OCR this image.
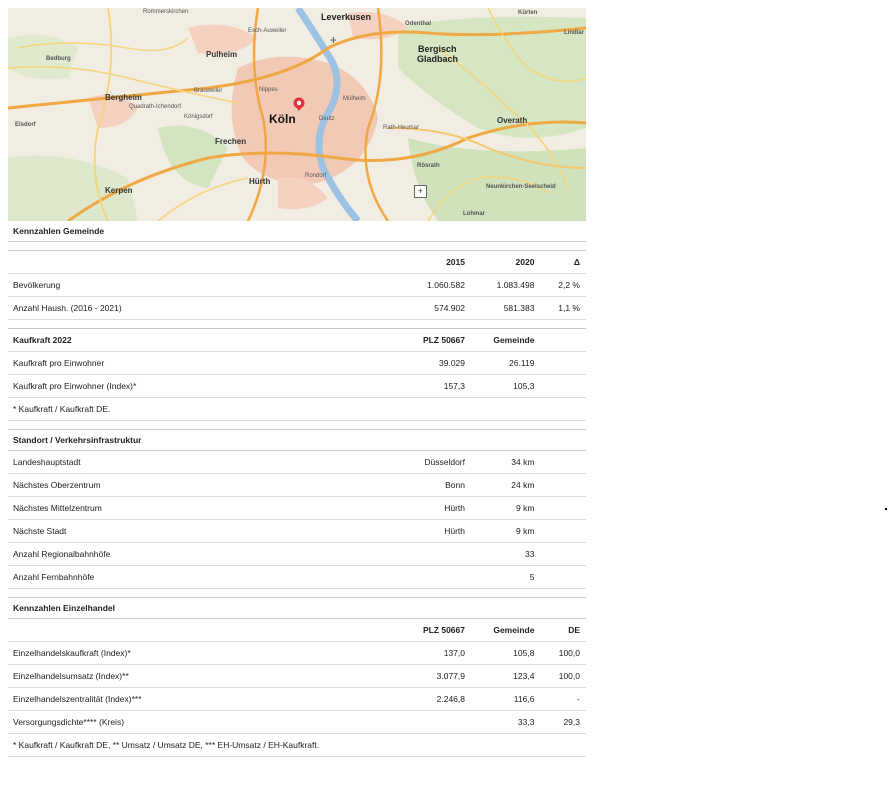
Rommerskirchen	Leverkusen
Odenthal
Kürten
Lindlar
Bergisch
Gladbach
Esch-Auweiler
Pulheim
Bedburg
Bergheim
Quadrath-Ichendorf
Brauweiler	Nippes
Mülheim
Königsdorf	Köln	Deutz
Rath-Heumar
Elsdorf	Overath
Frechen
Rösrath
Hürth
Rondorf
Kerpen	Neunkirchen-Seelscheid
Lohmar
✛
+
Kennzahlen Gemeinde			

	2015	2020	Δ
Bevölkerung	1.060.582	1.083.498	2,2 %
Anzahl Haush. (2016 - 2021)	574.902	581.383	1,1 %

Kaufkraft 2022	PLZ 50667	Gemeinde	
Kaufkraft pro Einwohner	39.029	26.119	
Kaufkraft pro Einwohner (Index)*	157,3	105,3	
* Kaufkraft / Kaufkraft DE.			

Standort / Verkehrsinfrastruktur			
Landeshauptstadt	Düsseldorf	34 km	
Nächstes Oberzentrum	Bonn	24 km	
Nächstes Mittelzentrum	Hürth	9 km	
Nächste Stadt	Hürth	9 km	
Anzahl Regionalbahnhöfe		33	
Anzahl Fernbahnhöfe		5	

Kennzahlen Einzelhandel			
	PLZ 50667	Gemeinde	DE
Einzelhandelskaufkraft (Index)*	137,0	105,8	100,0
Einzelhandelsumsatz (Index)**	3.077,9	123,4	100,0
Einzelhandelszentralität (Index)***	2.246,8	116,6	-
Versorgungsdichte**** (Kreis)		33,3	29,3
* Kaufkraft / Kaufkraft DE, ** Umsatz / Umsatz DE, *** EH-Umsatz / EH-Kaufkraft.			
